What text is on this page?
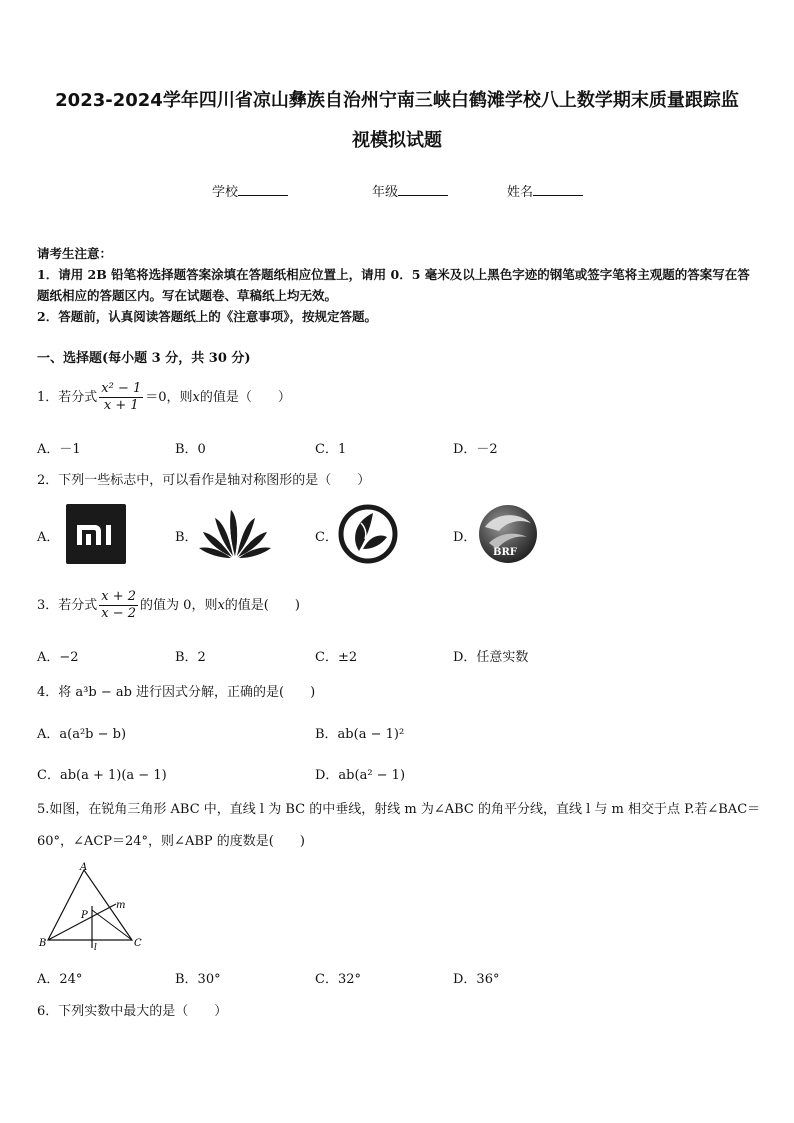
2023-2024学年四川省凉山彝族自治州宁南三峡白鹤滩学校八上数学期末质量跟踪监
视模拟试题
学校	年级	姓名

请考生注意：

1．请用 2B 铅笔将选择题答案涂填在答题纸相应位置上，请用 0．5 毫米及以上黑色字迹的钢笔或签字笔将主观题的答案写在答题纸相应的答题区内。写在试题卷、草稿纸上均无效。

2．答题前，认真阅读答题纸上的《注意事项》，按规定答题。

一、选择题(每小题 3 分，共 30 分)
1．若分式 $\frac{\text{x² − 1}}{x + 1} =0$，则x的值是（　　）
A．－1	B．0	C．1	D．－2
2．下列一些标志中，可以看作是轴对称图形的是（　　）
A．	B．	C．	D．
BRF
3．若分式 $\frac{x + 2}{x - 2}$ 的值为 0，则x的值是(　　)
A．−2	B．2	C．±2	D．任意实数
4．将 a³b − ab 进行因式分解，正确的是(　　)
A．a(a²b − b)	B．ab(a − 1)²
C．ab(a + 1)(a − 1)	D．ab(a² − 1)
5.如图，在锐角三角形 ABC 中，直线 l 为 BC 的中垂线，射线 m 为∠ABC 的角平分线，直线 l 与 m 相交于点 P.若∠BAC＝60°，∠ACP＝24°，则∠ABP 的度数是(　　)
A
B	C
P
m
l
A．24°	B．30°	C．32°	D．36°
6．下列实数中最大的是（　　）
